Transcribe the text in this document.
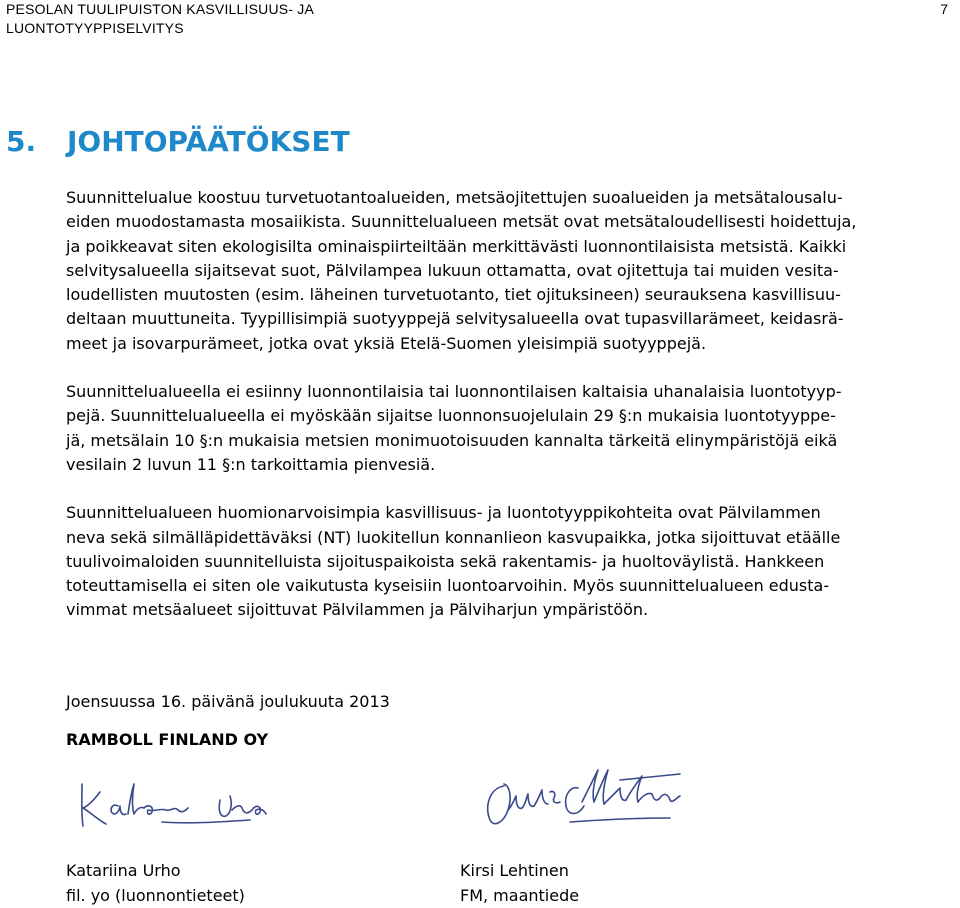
PESOLAN TUULIPUISTON KASVILLISUUS- JA
LUONTOTYYPPISELVITYS
7
5. JOHTOPÄÄTÖKSET

Suunnittelualue koostuu turvetuotantoalueiden, metsäojitettujen suoalueiden ja metsätalousalu-
eiden muodostamasta mosaiikista. Suunnittelualueen metsät ovat metsätaloudellisesti hoidettuja,
ja poikkeavat siten ekologisilta ominaispiirteiltään merkittävästi luonnontilaisista metsistä. Kaikki
selvitysalueella sijaitsevat suot, Pälvilampea lukuun ottamatta, ovat ojitettuja tai muiden vesita-
loudellisten muutosten (esim. läheinen turvetuotanto, tiet ojituksineen) seurauksena kasvillisuu-
deltaan muuttuneita. Tyypillisimpiä suotyyppejä selvitysalueella ovat tupasvillarämeet, keidasrä-
meet ja isovarpurämeet, jotka ovat yksiä Etelä-Suomen yleisimpiä suotyyppejä.

Suunnittelualueella ei esiinny luonnontilaisia tai luonnontilaisen kaltaisia uhanalaisia luontotyyp-
pejä. Suunnittelualueella ei myöskään sijaitse luonnonsuojelulain 29 §:n mukaisia luontotyyppe-
jä, metsälain 10 §:n mukaisia metsien monimuotoisuuden kannalta tärkeitä elinympäristöjä eikä
vesilain 2 luvun 11 §:n tarkoittamia pienvesiä.

Suunnittelualueen huomionarvoisimpia kasvillisuus- ja luontotyyppikohteita ovat Pälvilammen
neva sekä silmälläpidettäväksi (NT) luokitellun konnanlieon kasvupaikka, jotka sijoittuvat etäälle
tuulivoimaloiden suunnitelluista sijoituspaikoista sekä rakentamis- ja huoltoväylistä. Hankkeen
toteuttamisella ei siten ole vaikutusta kyseisiin luontoarvoihin. Myös suunnittelualueen edusta-
vimmat metsäalueet sijoittuvat Pälvilammen ja Pälviharjun ympäristöön.

Joensuussa 16. päivänä joulukuuta 2013
RAMBOLL FINLAND OY
Katariina Urho
fil. yo (luonnontieteet)
Kirsi Lehtinen
FM, maantiede
